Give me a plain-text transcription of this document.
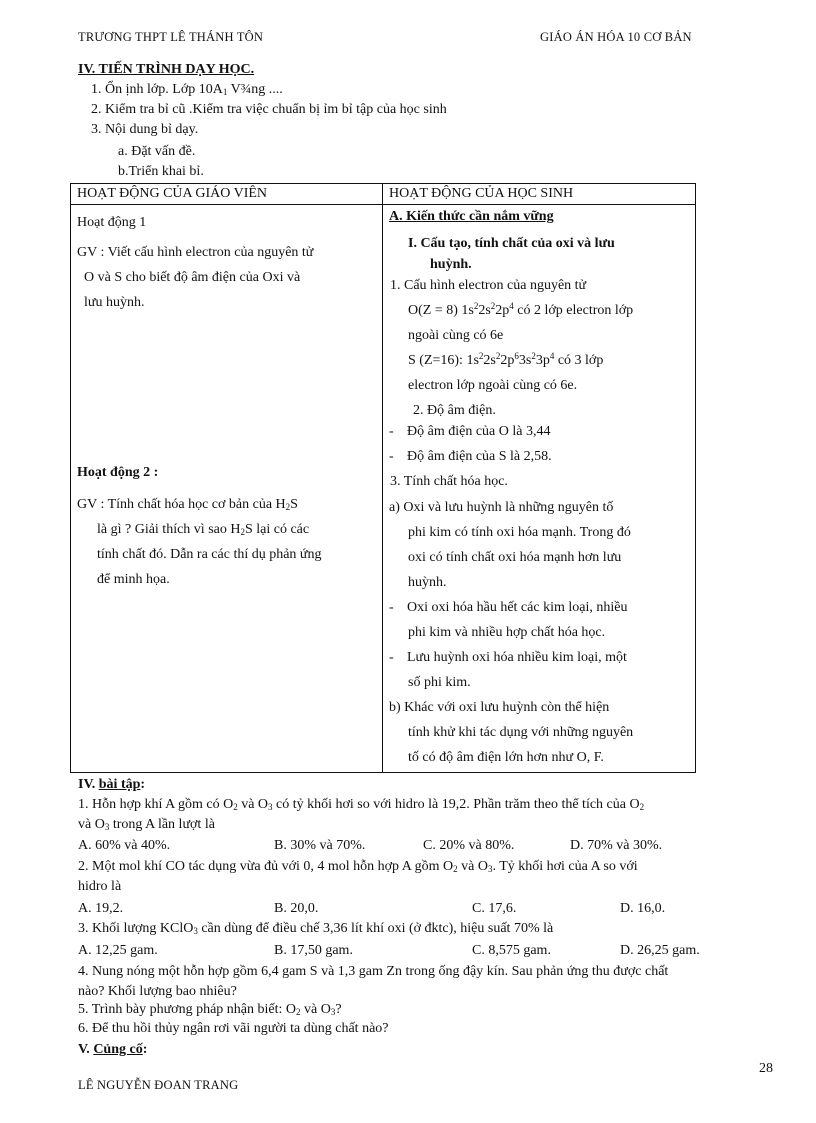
TRƯƠNG THPT LÊ THÁNH TÔN	GIÁO ÁN HÓA 10 CƠ BẢN
IV. TIẾN TRÌNH DẠY HỌC.
1. Ổn ịnh lớp. Lớp $10A_1$ V¾ng ....
2. Kiểm tra bỉ cũ .Kiểm tra việc chuẩn bị ỉm bỉ tập của học sinh
3. Nội dung bỉ dạy.
a. Đặt vấn đề.
b.Triển khai bỉ.
HOẠT ĐỘNG CỦA GIÁO VIÊN	HOẠT ĐỘNG CỦA HỌC SINH
Hoạt động 1
GV : Viết cấu hình electron của nguyên tử
O và S cho biết độ âm điện của Oxi và
lưu huỳnh.
Hoạt động 2 :
GV : Tính chất hóa học cơ bản của $H_2S$
là gì ? Giải thích vì sao $H_2S$ lại có các
tính chất đó. Dẫn ra các thí dụ phản ứng
để minh họa.
A. Kiến thức cần nắm vững
I. Cấu tạo, tính chất của oxi và lưu
huỳnh.
1. Cấu hình electron của nguyên tử
O(Z = 8) $1s^22s^22p^4$ có 2 lớp electron lớp
ngoài cùng có 6e
S (Z=16): $1s^22s^22p^63s^23p^4$ có 3 lớp
electron lớp ngoài cùng có 6e.
2. Độ âm điện.
- Độ âm điện của O là 3,44
- Độ âm điện của S là 2,58.
3. Tính chất hóa học.
a) Oxi và lưu huỳnh là những nguyên tố
phi kim có tính oxi hóa mạnh. Trong đó
oxi có tính chất oxi hóa mạnh hơn lưu
huỳnh.
- Oxi oxi hóa hầu hết các kim loại, nhiều
phi kim và nhiều hợp chất hóa học.
- Lưu huỳnh oxi hóa nhiều kim loại, một
số phi kim.
b) Khác với oxi lưu huỳnh còn thể hiện
tính khử khi tác dụng với những nguyên
tố có độ âm điện lớn hơn như O, F.
IV. bài tập:
1. Hỗn hợp khí A gồm có $O_2$ và $O_3$ có tỷ khối hơi so với hidro là 19,2. Phần trăm theo thể tích của $O_2$
và $O_3$ trong A lần lượt là
A. 60% và 40%.	B. 30% và 70%.	C. 20% và 80%.	D. 70% và 30%.
2. Một mol khí CO tác dụng vừa đủ với 0, 4 mol hỗn hợp A gồm $O_2$ và $O_3$. Tỷ khối hơi của A so với
hidro là
A. 19,2.	B. 20,0.	C. 17,6.	D. 16,0.
3. Khối lượng KClO$_3$ cần dùng để điều chế 3,36 lít khí oxi (ở đktc), hiệu suất 70% là
A. 12,25 gam.	B. 17,50 gam.	C. 8,575 gam.	D. 26,25 gam.
4. Nung nóng một hỗn hợp gồm 6,4 gam S và 1,3 gam Zn trong ống đậy kín. Sau phản ứng thu được chất
nào? Khối lượng bao nhiêu?
5. Trình bày phương pháp nhận biết: $O_2$ và $O_3$?
6. Để thu hồi thủy ngân rơi vãi người ta dùng chất nào?
V. Củng cố:
28
LÊ NGUYỄN ĐOAN TRANG
